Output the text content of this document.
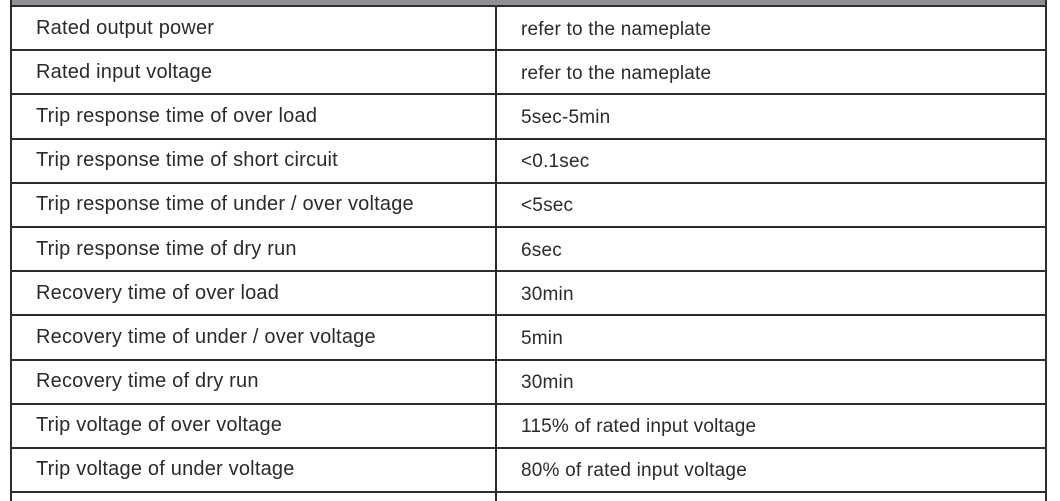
Rated output power	refer to the nameplate
Rated input voltage	refer to the nameplate
Trip response time of over load	5sec-5min
Trip response time of short circuit	<0.1sec
Trip response time of under / over voltage	<5sec
Trip response time of dry run	6sec
Recovery time of over load	30min
Recovery time of under / over voltage	5min
Recovery time of dry run	30min
Trip voltage of over voltage	115% of rated input voltage
Trip voltage of under voltage	80% of rated input voltage
